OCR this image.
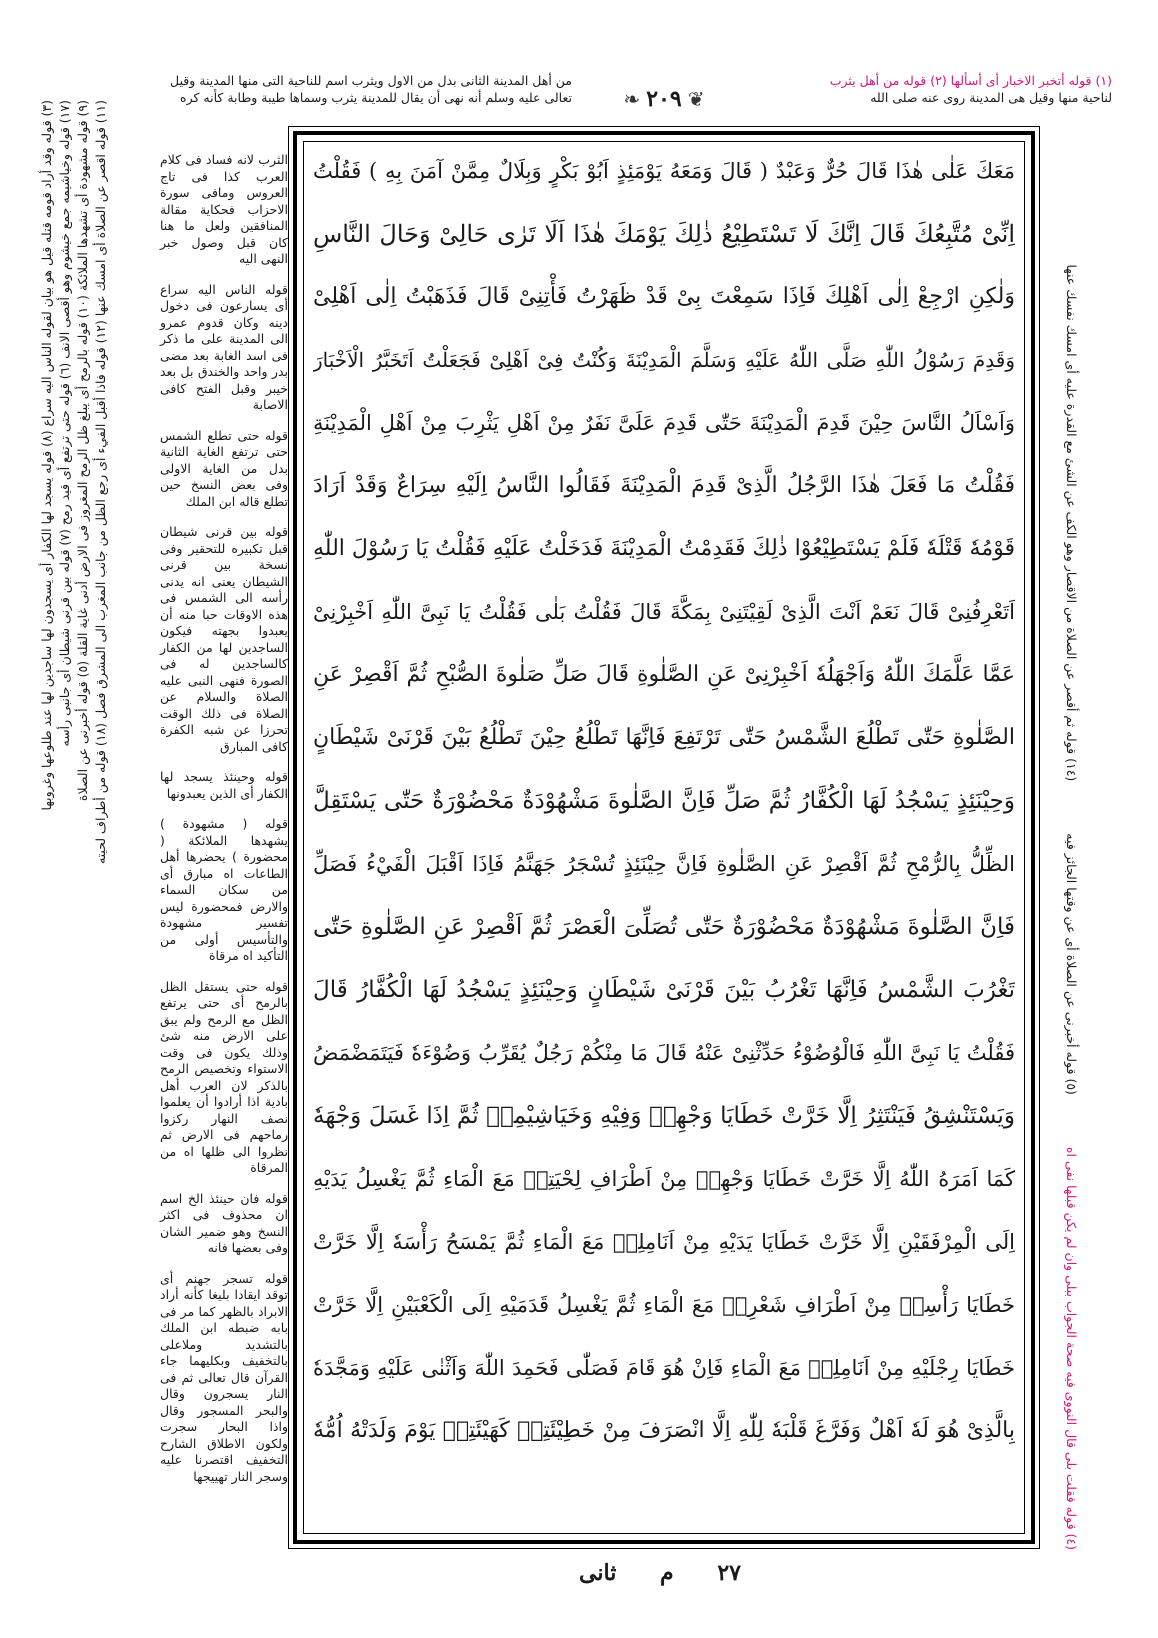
(١) قوله أتخبر الاخبار أى أسألها (٢) قوله من أهل يثرب
لناحية منها وقيل هى المدينة روى عنه صلى الله
❦
٢٠٩
❧
من أهل المدينة الثانى بدل من الاول ويثرب اسم للناحية التى منها المدينة وقيل
تعالى عليه وسلم أنه نهى أن يقال للمدينة يثرب وسماها طيبة وطابة كأنه كره
مَعَكَ عَلٰى هٰذَا قَالَ حُرٌّ وَعَبْدٌ ( قَالَ وَمَعَهُ يَوْمَئِذٍ اَبُوْ بَكْرٍ وَبِلَالٌ مِمَّنْ آمَنَ بِهِ ) فَقُلْتُ
اِنِّىْ مُتَّبِعُكَ قَالَ اِنَّكَ لَا تَسْتَطِيْعُ ذٰلِكَ يَوْمَكَ هٰذَا اَلَا تَرٰى حَالِىْ وَحَالَ النَّاسِ
وَلٰكِنِ ارْجِعْ اِلٰى اَهْلِكَ فَاِذَا سَمِعْتَ بِىْ قَدْ ظَهَرْتُ فَأْتِنِىْ قَالَ فَذَهَبْتُ اِلٰى اَهْلِىْ
وَقَدِمَ رَسُوْلُ اللّٰهِ صَلَّى اللّٰهُ عَلَيْهِ وَسَلَّمَ الْمَدِيْنَةَ وَكُنْتُ فِىْ اَهْلِىْ فَجَعَلْتُ اَتَخَبَّرُ الْاَخْبَارَ
وَاَسْاَلُ النَّاسَ حِيْنَ قَدِمَ الْمَدِيْنَةَ حَتّٰى قَدِمَ عَلَىَّ نَفَرٌ مِنْ اَهْلِ يَثْرِبَ مِنْ اَهْلِ الْمَدِيْنَةِ
فَقُلْتُ مَا فَعَلَ هٰذَا الرَّجُلُ الَّذِىْ قَدِمَ الْمَدِيْنَةَ فَقَالُوا النَّاسُ اِلَيْهِ سِرَاعٌ وَقَدْ اَرَادَ
قَوْمُهٗ قَتْلَهٗ فَلَمْ يَسْتَطِيْعُوْا ذٰلِكَ فَقَدِمْتُ الْمَدِيْنَةَ فَدَخَلْتُ عَلَيْهِ فَقُلْتُ يَا رَسُوْلَ اللّٰهِ
اَتَعْرِفُنِىْ قَالَ نَعَمْ اَنْتَ الَّذِىْ لَقِيْتَنِىْ بِمَكَّةَ قَالَ فَقُلْتُ بَلٰى فَقُلْتُ يَا نَبِىَّ اللّٰهِ اَخْبِرْنِىْ
عَمَّا عَلَّمَكَ اللّٰهُ وَاَجْهَلُهٗ اَخْبِرْنِىْ عَنِ الصَّلٰوةِ قَالَ صَلِّ صَلٰوةَ الصُّبْحِ ثُمَّ اَقْصِرْ عَنِ
الصَّلٰوةِ حَتّٰى تَطْلُعَ الشَّمْسُ حَتّٰى تَرْتَفِعَ فَاِنَّهَا تَطْلُعُ حِيْنَ تَطْلُعُ بَيْنَ قَرْنَىْ شَيْطَانٍ
وَحِيْنَئِذٍ يَسْجُدُ لَهَا الْكُفَّارُ ثُمَّ صَلِّ فَاِنَّ الصَّلٰوةَ مَشْهُوْدَةٌ مَحْضُوْرَةٌ حَتّٰى يَسْتَقِلَّ
الظِّلُّ بِالرُّمْحِ ثُمَّ اَقْصِرْ عَنِ الصَّلٰوةِ فَاِنَّ حِيْنَئِذٍ تُسْجَرُ جَهَنَّمُ فَاِذَا اَقْبَلَ الْفَيْءُ فَصَلِّ
فَاِنَّ الصَّلٰوةَ مَشْهُوْدَةٌ مَحْضُوْرَةٌ حَتّٰى تُصَلِّىَ الْعَصْرَ ثُمَّ اَقْصِرْ عَنِ الصَّلٰوةِ حَتّٰى
تَغْرُبَ الشَّمْسُ فَاِنَّهَا تَغْرُبُ بَيْنَ قَرْنَىْ شَيْطَانٍ وَحِيْنَئِذٍ يَسْجُدُ لَهَا الْكُفَّارُ قَالَ
فَقُلْتُ يَا نَبِىَّ اللّٰهِ فَالْوُضُوْءُ حَدِّثْنِىْ عَنْهُ قَالَ مَا مِنْكُمْ رَجُلٌ يُقَرِّبُ وَضُوْءَهٗ فَيَتَمَضْمَضُ
وَيَسْتَنْشِقُ فَيَنْتَثِرُ اِلَّا خَرَّتْ خَطَايَا وَجْهِهٖ وَفِيْهِ وَخَيَاشِيْمِهٖ ثُمَّ اِذَا غَسَلَ وَجْهَهٗ
كَمَا اَمَرَهُ اللّٰهُ اِلَّا خَرَّتْ خَطَايَا وَجْهِهٖ مِنْ اَطْرَافِ لِحْيَتِهٖ مَعَ الْمَاءِ ثُمَّ يَغْسِلُ يَدَيْهِ
اِلَى الْمِرْفَقَيْنِ اِلَّا خَرَّتْ خَطَايَا يَدَيْهِ مِنْ اَنَامِلِهٖ مَعَ الْمَاءِ ثُمَّ يَمْسَحُ رَأْسَهٗ اِلَّا خَرَّتْ
خَطَايَا رَأْسِهٖ مِنْ اَطْرَافِ شَعْرِهٖ مَعَ الْمَاءِ ثُمَّ يَغْسِلُ قَدَمَيْهِ اِلَى الْكَعْبَيْنِ اِلَّا خَرَّتْ
خَطَايَا رِجْلَيْهِ مِنْ اَنَامِلِهٖ مَعَ الْمَاءِ فَاِنْ هُوَ قَامَ فَصَلّٰى فَحَمِدَ اللّٰهَ وَاَثْنٰى عَلَيْهِ وَمَجَّدَهٗ
بِالَّذِىْ هُوَ لَهٗ اَهْلٌ وَفَرَّغَ قَلْبَهٗ لِلّٰهِ اِلَّا انْصَرَفَ مِنْ خَطِيْئَتِهٖ كَهَيْئَتِهٖ يَوْمَ وَلَدَتْهُ اُمُّهٗ

الثرب لانه فساد فى كلام العرب كذا فى تاج العروس ومافى سورة الاحزاب فحكاية مقالة المنافقين ولعل ما هنا كان قبل وصول خبر النهى اليه

قوله الناس اليه سراع أى يسارعون فى دخول دينه وكان قدوم عمرو الى المدينة على ما ذكر فى اسد الغابة بعد مضى بدر واحد والخندق بل بعد خيبر وقبل الفتح كافى الاصابة

قوله حتى تطلع الشمس حتى ترتفع الغاية الثانية بدل من الغاية الاولى وفى بعض النسخ حين تطلع قاله ابن الملك

قوله بين قرنى شيطان قبل تكبيره للتحقير وفى نسخة بين قرنى الشيطان يعنى انه يدنى رأسه الى الشمس فى هذه الاوقات حبا منه أن يعبدوا بجهته فيكون الساجدين لها من الكفار كالساجدين له فى الصورة فنهى النبى عليه الصلاة والسلام عن الصلاة فى ذلك الوقت تحرزا عن شبه الكفرة كافى المبارق

قوله وحينئذ يسجد لها الكفار أى الذين يعبدونها

قوله ( مشهودة ) يشهدها الملائكة ( محضورة ) يحضرها أهل الطاعات اه مبارق أى من سكان السماء والارض فمحضورة ليس تفسير مشهودة والتأسيس أولى من التأكيد اه مرقاة

قوله حتى يستقل الظل بالرمح أى حتى يرتفع الظل مع الرمح ولم يبق على الارض منه شئ وذلك يكون فى وقت الاستواء وتخصيص الرمح بالذكر لان العرب أهل بادية اذا أرادوا أن يعلموا نصف النهار ركزوا رماحهم فى الارض ثم نظروا الى ظلها اه من المرقاة

قوله فان حينئذ الخ اسم ان محذوف فى اكثر النسخ وهو ضمير الشان وفى بعضها فانه

قوله تسجر جهنم أى توقد ايقادا بليغا كأنه أراد الابراد بالظهر كما مر فى بابه ضبطه ابن الملك بالتشديد وملاعلى بالتخفيف وبكليهما جاء القرآن قال تعالى ثم فى النار يسجرون وقال والبحر المسجور وقال واذا البحار سجرت ولكون الاطلاق الشارح التخفيف اقتصرنا عليه وسجر النار تهييجها

(٣) قوله وقد أراد قومه قتله قيل هو بيان لقوله الناس اليه سراع (٨) قوله يسجد لها الكفار أى يسجدون لها ساجدين لها عند طلوعها وغروبها
(١٧) قوله وخياشيمه جمع خيشوم وهو أقصى الانف (٦) قوله حتى ترتفع أى قيد رمح (٧) قوله بين قرنى شيطان أى جانبى رأسه
(٩) قوله مشهودة أى تشهدها الملائكة (١٠) قوله بالرمح أى يبلغ ظل الرمح المغروز فى الارض أدنى غاية القلة (٥) قوله أخبرنى عن الصلاة
(١١) قوله اقصر عن الصلاة أى امسك عنها (١٢) قوله فاذا أقبل الفيء أى رجع الظل من جانب المغرب الى المشرق فصل (١٨) قوله من أطراف لحيته
(٤) قوله فقلت بلى قال النووى فيه صحة الجواب ببلى وان لم يكن قبلها نفى اه (٥) قوله أخبرنى عن الصلاة أى عن وقتها الجائز فيه (١٤) قوله ثم أقصر عن الصلاة من الاقصار وهو الكف عن الشئ مع القدرة عليه أى امسك نفسك عنها
٢٧ م ثانى
